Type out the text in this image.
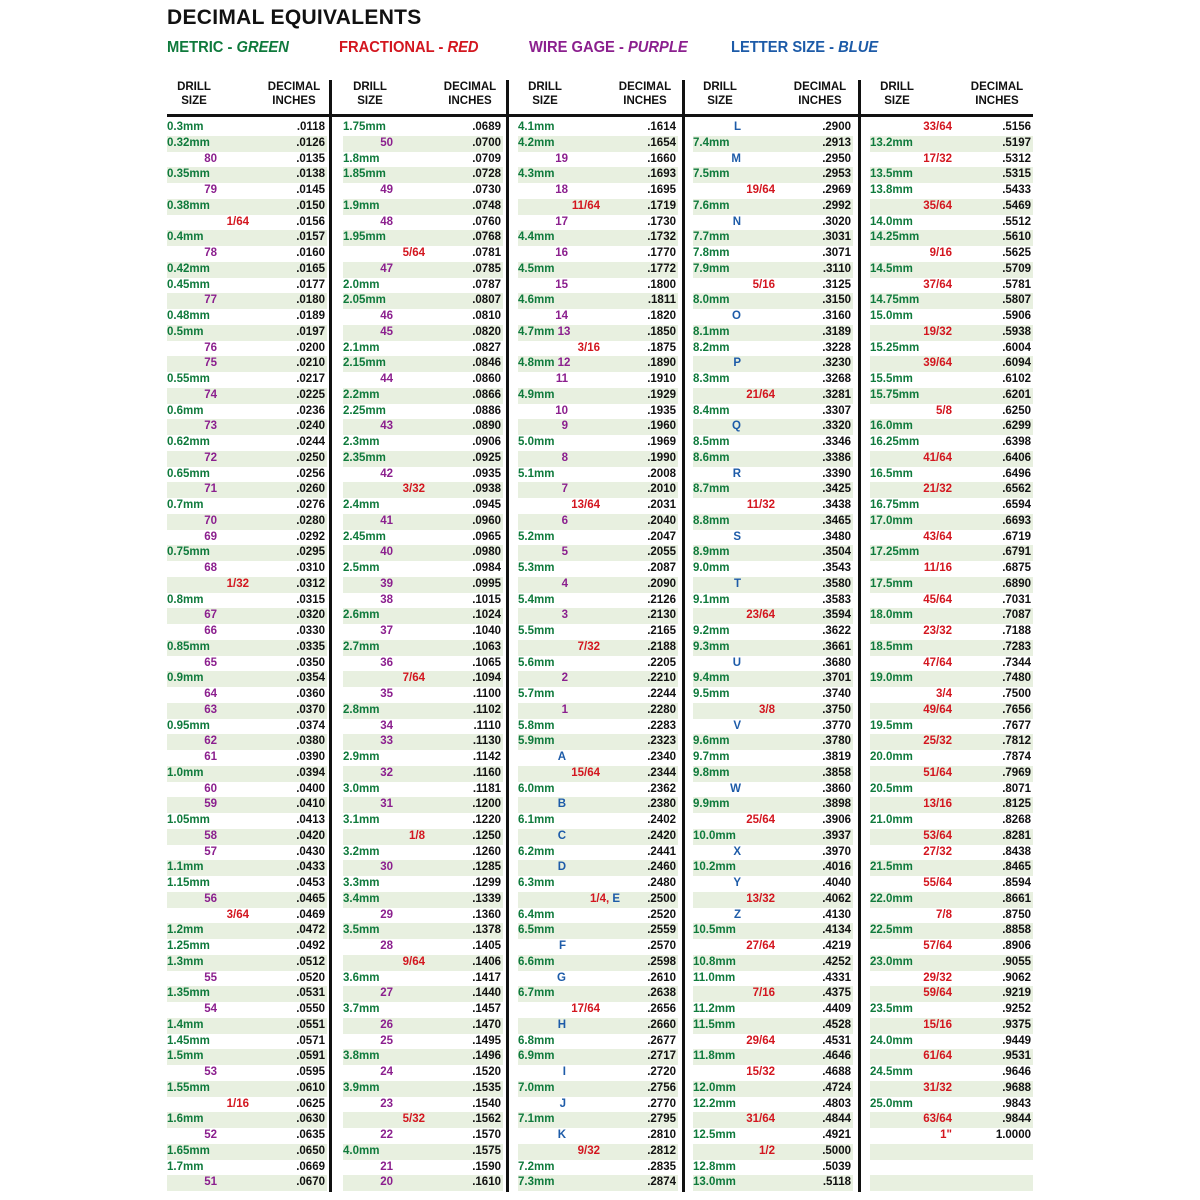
DECIMAL EQUIVALENTS
METRIC - GREEN	FRACTIONAL - RED	WIRE GAGE - PURPLE	LETTER SIZE - BLUE
DRILL
SIZE
DECIMAL
INCHES
DRILL
SIZE
DECIMAL
INCHES
DRILL
SIZE
DECIMAL
INCHES
DRILL
SIZE
DECIMAL
INCHES
DRILL
SIZE
DECIMAL
INCHES
0.3mm	.0118
0.32mm	.0126
80	.0135
0.35mm	.0138
79	.0145
0.38mm	.0150
1/64	.0156
0.4mm	.0157
78	.0160
0.42mm	.0165
0.45mm	.0177
77	.0180
0.48mm	.0189
0.5mm	.0197
76	.0200
75	.0210
0.55mm	.0217
74	.0225
0.6mm	.0236
73	.0240
0.62mm	.0244
72	.0250
0.65mm	.0256
71	.0260
0.7mm	.0276
70	.0280
69	.0292
0.75mm	.0295
68	.0310
1/32	.0312
0.8mm	.0315
67	.0320
66	.0330
0.85mm	.0335
65	.0350
0.9mm	.0354
64	.0360
63	.0370
0.95mm	.0374
62	.0380
61	.0390
1.0mm	.0394
60	.0400
59	.0410
1.05mm	.0413
58	.0420
57	.0430
1.1mm	.0433
1.15mm	.0453
56	.0465
3/64	.0469
1.2mm	.0472
1.25mm	.0492
1.3mm	.0512
55	.0520
1.35mm	.0531
54	.0550
1.4mm	.0551
1.45mm	.0571
1.5mm	.0591
53	.0595
1.55mm	.0610
1/16	.0625
1.6mm	.0630
52	.0635
1.65mm	.0650
1.7mm	.0669
51	.0670
1.75mm	.0689
50	.0700
1.8mm	.0709
1.85mm	.0728
49	.0730
1.9mm	.0748
48	.0760
1.95mm	.0768
5/64	.0781
47	.0785
2.0mm	.0787
2.05mm	.0807
46	.0810
45	.0820
2.1mm	.0827
2.15mm	.0846
44	.0860
2.2mm	.0866
2.25mm	.0886
43	.0890
2.3mm	.0906
2.35mm	.0925
42	.0935
3/32	.0938
2.4mm	.0945
41	.0960
2.45mm	.0965
40	.0980
2.5mm	.0984
39	.0995
38	.1015
2.6mm	.1024
37	.1040
2.7mm	.1063
36	.1065
7/64	.1094
35	.1100
2.8mm	.1102
34	.1110
33	.1130
2.9mm	.1142
32	.1160
3.0mm	.1181
31	.1200
3.1mm	.1220
1/8	.1250
3.2mm	.1260
30	.1285
3.3mm	.1299
3.4mm	.1339
29	.1360
3.5mm	.1378
28	.1405
9/64	.1406
3.6mm	.1417
27	.1440
3.7mm	.1457
26	.1470
25	.1495
3.8mm	.1496
24	.1520
3.9mm	.1535
23	.1540
5/32	.1562
22	.1570
4.0mm	.1575
21	.1590
20	.1610
4.1mm	.1614
4.2mm	.1654
19	.1660
4.3mm	.1693
18	.1695
11/64	.1719
17	.1730
4.4mm	.1732
16	.1770
4.5mm	.1772
15	.1800
4.6mm	.1811
14	.1820
4.7mm 13	.1850
3/16	.1875
4.8mm 12	.1890
11	.1910
4.9mm	.1929
10	.1935
9	.1960
5.0mm	.1969
8	.1990
5.1mm	.2008
7	.2010
13/64	.2031
6	.2040
5.2mm	.2047
5	.2055
5.3mm	.2087
4	.2090
5.4mm	.2126
3	.2130
5.5mm	.2165
7/32	.2188
5.6mm	.2205
2	.2210
5.7mm	.2244
1	.2280
5.8mm	.2283
5.9mm	.2323
A	.2340
15/64	.2344
6.0mm	.2362
B	.2380
6.1mm	.2402
C	.2420
6.2mm	.2441
D	.2460
6.3mm	.2480
1/4, E .2500
6.4mm	.2520
6.5mm	.2559
F	.2570
6.6mm	.2598
G	.2610
6.7mm	.2638
17/64	.2656
H	.2660
6.8mm	.2677
6.9mm	.2717
I	.2720
7.0mm	.2756
J	.2770
7.1mm	.2795
K	.2810
9/32	.2812
7.2mm	.2835
7.3mm	.2874
L	.2900
7.4mm	.2913
M	.2950
7.5mm	.2953
19/64	.2969
7.6mm	.2992
N	.3020
7.7mm	.3031
7.8mm	.3071
7.9mm	.3110
5/16	.3125
8.0mm	.3150
O	.3160
8.1mm	.3189
8.2mm	.3228
P	.3230
8.3mm	.3268
21/64	.3281
8.4mm	.3307
Q	.3320
8.5mm	.3346
8.6mm	.3386
R	.3390
8.7mm	.3425
11/32	.3438
8.8mm	.3465
S	.3480
8.9mm	.3504
9.0mm	.3543
T	.3580
9.1mm	.3583
23/64	.3594
9.2mm	.3622
9.3mm	.3661
U	.3680
9.4mm	.3701
9.5mm	.3740
3/8	.3750
V	.3770
9.6mm	.3780
9.7mm	.3819
9.8mm	.3858
W	.3860
9.9mm	.3898
25/64	.3906
10.0mm	.3937
X	.3970
10.2mm	.4016
Y	.4040
13/32	.4062
Z	.4130
10.5mm	.4134
27/64	.4219
10.8mm	.4252
11.0mm	.4331
7/16	.4375
11.2mm	.4409
11.5mm	.4528
29/64	.4531
11.8mm	.4646
15/32	.4688
12.0mm	.4724
12.2mm	.4803
31/64	.4844
12.5mm	.4921
1/2	.5000
12.8mm	.5039
13.0mm	.5118
33/64	.5156
13.2mm	.5197
17/32	.5312
13.5mm	.5315
13.8mm	.5433
35/64	.5469
14.0mm	.5512
14.25mm	.5610
9/16	.5625
14.5mm	.5709
37/64	.5781
14.75mm	.5807
15.0mm	.5906
19/32	.5938
15.25mm	.6004
39/64	.6094
15.5mm	.6102
15.75mm	.6201
5/8	.6250
16.0mm	.6299
16.25mm	.6398
41/64	.6406
16.5mm	.6496
21/32	.6562
16.75mm	.6594
17.0mm	.6693
43/64	.6719
17.25mm	.6791
11/16	.6875
17.5mm	.6890
45/64	.7031
18.0mm	.7087
23/32	.7188
18.5mm	.7283
47/64	.7344
19.0mm	.7480
3/4	.7500
49/64	.7656
19.5mm	.7677
25/32	.7812
20.0mm	.7874
51/64	.7969
20.5mm	.8071
13/16	.8125
21.0mm	.8268
53/64	.8281
27/32	.8438
21.5mm	.8465
55/64	.8594
22.0mm	.8661
7/8	.8750
22.5mm	.8858
57/64	.8906
23.0mm	.9055
29/32	.9062
59/64	.9219
23.5mm	.9252
15/16	.9375
24.0mm	.9449
61/64	.9531
24.5mm	.9646
31/32	.9688
25.0mm	.9843
63/64	.9844
1"	1.0000
